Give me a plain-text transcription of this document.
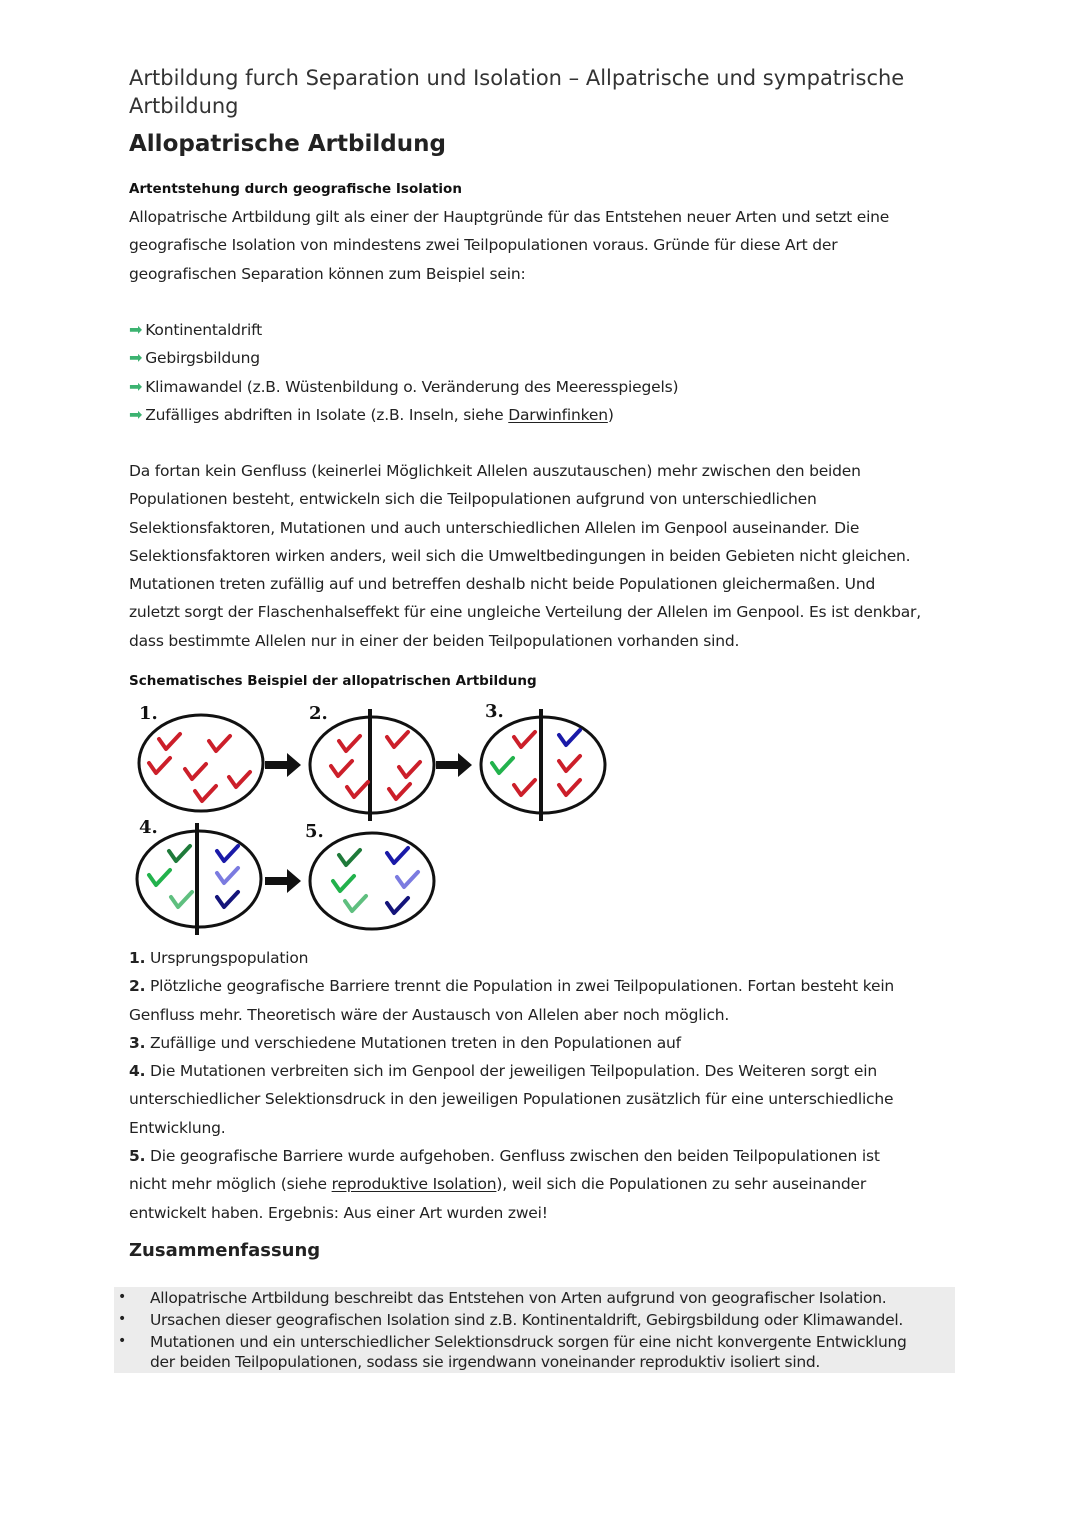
Artbildung furch Separation und Isolation – Allpatrische und sympatrische
Artbildung
Allopatrische Artbildung
Artentstehung durch geografische Isolation
Allopatrische Artbildung gilt als einer der Hauptgründe für das Entstehen neuer Arten und setzt eine
geografische Isolation von mindestens zwei Teilpopulationen voraus. Gründe für diese Art der
geografischen Separation können zum Beispiel sein:
➡ Kontinentaldrift
➡ Gebirgsbildung
➡ Klimawandel (z.B. Wüstenbildung o. Veränderung des Meeresspiegels)
➡ Zufälliges abdriften in Isolate (z.B. Inseln, siehe Darwinfinken)
Da fortan kein Genfluss (keinerlei Möglichkeit Allelen auszutauschen) mehr zwischen den beiden
Populationen besteht, entwickeln sich die Teilpopulationen aufgrund von unterschiedlichen
Selektionsfaktoren, Mutationen und auch unterschiedlichen Allelen im Genpool auseinander. Die
Selektionsfaktoren wirken anders, weil sich die Umweltbedingungen in beiden Gebieten nicht gleichen.
Mutationen treten zufällig auf und betreffen deshalb nicht beide Populationen gleichermaßen. Und
zuletzt sorgt der Flaschenhalseffekt für eine ungleiche Verteilung der Allelen im Genpool. Es ist denkbar,
dass bestimmte Allelen nur in einer der beiden Teilpopulationen vorhanden sind.
Schematisches Beispiel der allopatrischen Artbildung
1.	2.	3.
4.	5.
1. Ursprungspopulation
2. Plötzliche geografische Barriere trennt die Population in zwei Teilpopulationen. Fortan besteht kein
Genfluss mehr. Theoretisch wäre der Austausch von Allelen aber noch möglich.
3. Zufällige und verschiedene Mutationen treten in den Populationen auf
4. Die Mutationen verbreiten sich im Genpool der jeweiligen Teilpopulation. Des Weiteren sorgt ein
unterschiedlicher Selektionsdruck in den jeweiligen Populationen zusätzlich für eine unterschiedliche
Entwicklung.
5. Die geografische Barriere wurde aufgehoben. Genfluss zwischen den beiden Teilpopulationen ist
nicht mehr möglich (siehe reproduktive Isolation), weil sich die Populationen zu sehr auseinander
entwickelt haben. Ergebnis: Aus einer Art wurden zwei!
Zusammenfassung
• Allopatrische Artbildung beschreibt das Entstehen von Arten aufgrund von geografischer Isolation.
• Ursachen dieser geografischen Isolation sind z.B. Kontinentaldrift, Gebirgsbildung oder Klimawandel.
• Mutationen und ein unterschiedlicher Selektionsdruck sorgen für eine nicht konvergente Entwicklung
der beiden Teilpopulationen, sodass sie irgendwann voneinander reproduktiv isoliert sind.
